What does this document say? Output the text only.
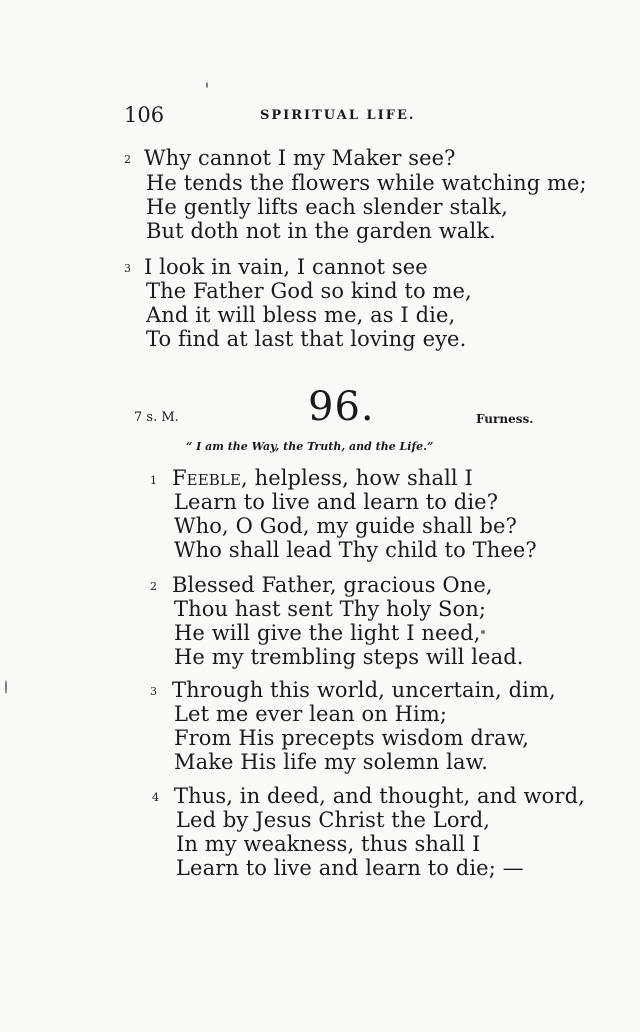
106	SPIRITUAL LIFE.
2 Why cannot I my Maker see?
He tends the flowers while watching me;
He gently lifts each slender stalk,
But doth not in the garden walk.
3 I look in vain, I cannot see
The Father God so kind to me,
And it will bless me, as I die,
To find at last that loving eye.
7 s. M.	96.	Furness.
“ I am the Way, the Truth, and the Life.”
1 Feeble, helpless, how shall I
Learn to live and learn to die?
Who, O God, my guide shall be?
Who shall lead Thy child to Thee?
2 Blessed Father, gracious One,
Thou hast sent Thy holy Son;
He will give the light I need,
He my trembling steps will lead.
3 Through this world, uncertain, dim,
Let me ever lean on Him;
From His precepts wisdom draw,
Make His life my solemn law.
4 Thus, in deed, and thought, and word,
Led by Jesus Christ the Lord,
In my weakness, thus shall I
Learn to live and learn to die; —
